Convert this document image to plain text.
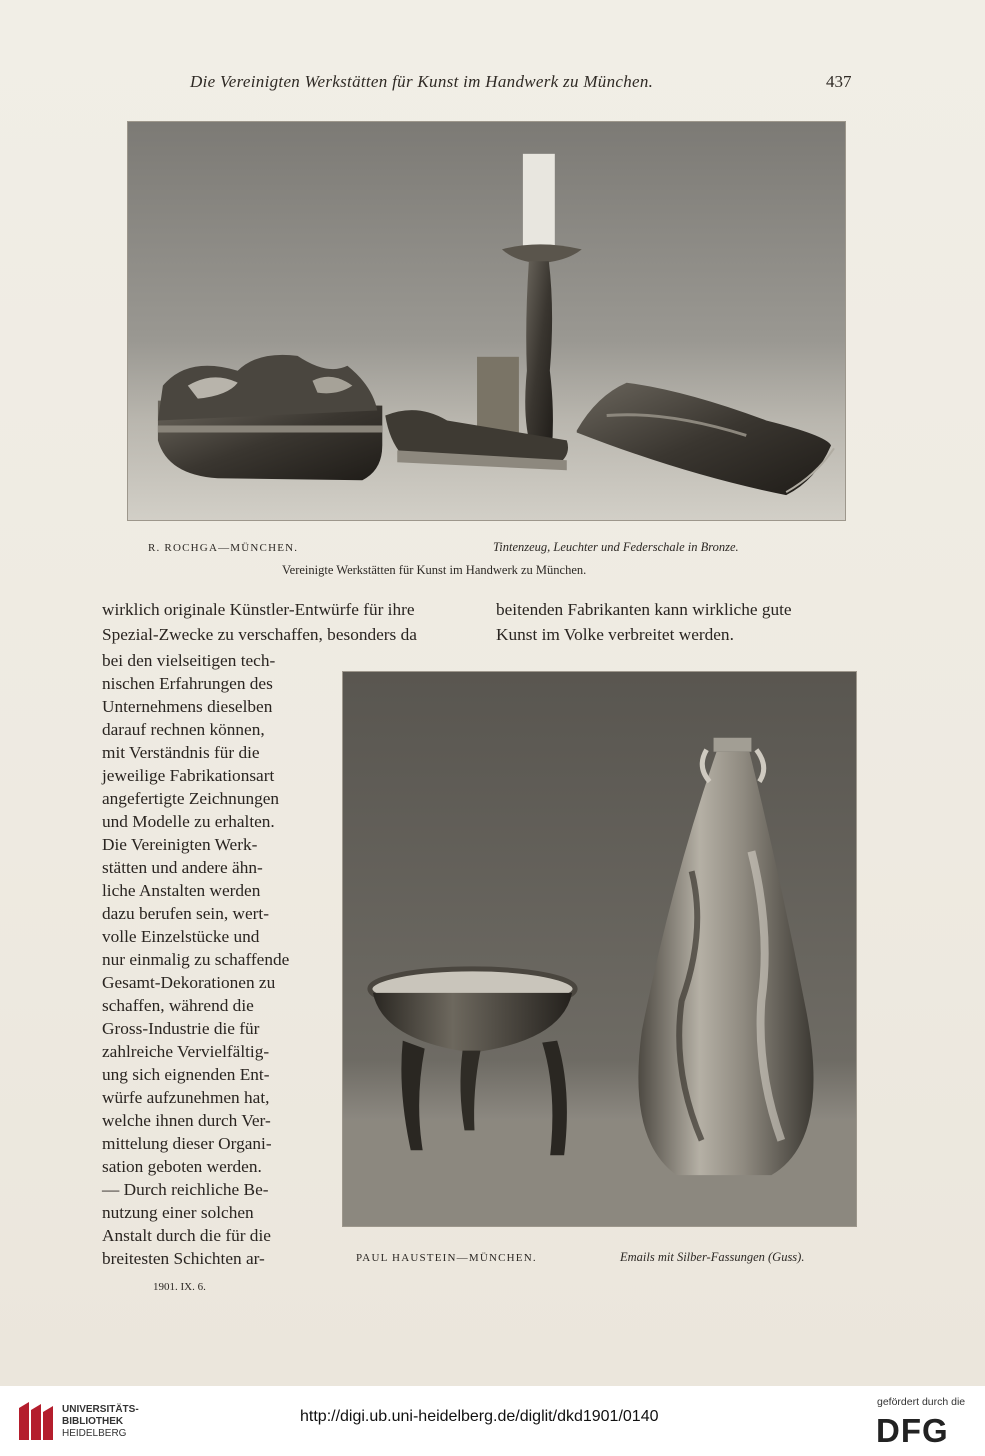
Die Vereinigten Werkstätten für Kunst im Handwerk zu München.	437
R. ROCHGA—MÜNCHEN.	Tintenzeug, Leuchter und Federschale in Bronze.
Vereinigte Werkstätten für Kunst im Handwerk zu München.
beitenden Fabrikanten kann wirkliche gute
Kunst im Volke verbreitet werden.
wirklich originale Künstler-Entwürfe für ihre
Spezial-Zwecke zu verschaffen, besonders da
bei den vielseitigen tech-
nischen Erfahrungen des
Unternehmens dieselben
darauf rechnen können,
mit Verständnis für die
jeweilige Fabrikationsart
angefertigte Zeichnungen
und Modelle zu erhalten.
Die Vereinigten Werk-
stätten und andere ähn-
liche Anstalten werden
dazu berufen sein, wert-
volle Einzelstücke und
nur einmalig zu schaffende
Gesamt-Dekorationen zu
schaffen, während die
Gross-Industrie die für
zahlreiche Vervielfältig-
ung sich eignenden Ent-
würfe aufzunehmen hat,
welche ihnen durch Ver-
mittelung dieser Organi-
sation geboten werden.
— Durch reichliche Be-
nutzung einer solchen
Anstalt durch die für die
breitesten Schichten ar-	PAUL HAUSTEIN—MÜNCHEN.	Emails mit Silber-Fassungen (Guss).
1901. IX. 6.
UNIVERSITÄTS-
BIBLIOTHEK
HEIDELBERG
http://digi.ub.uni-heidelberg.de/diglit/dkd1901/0140
gefördert durch die
DFG
